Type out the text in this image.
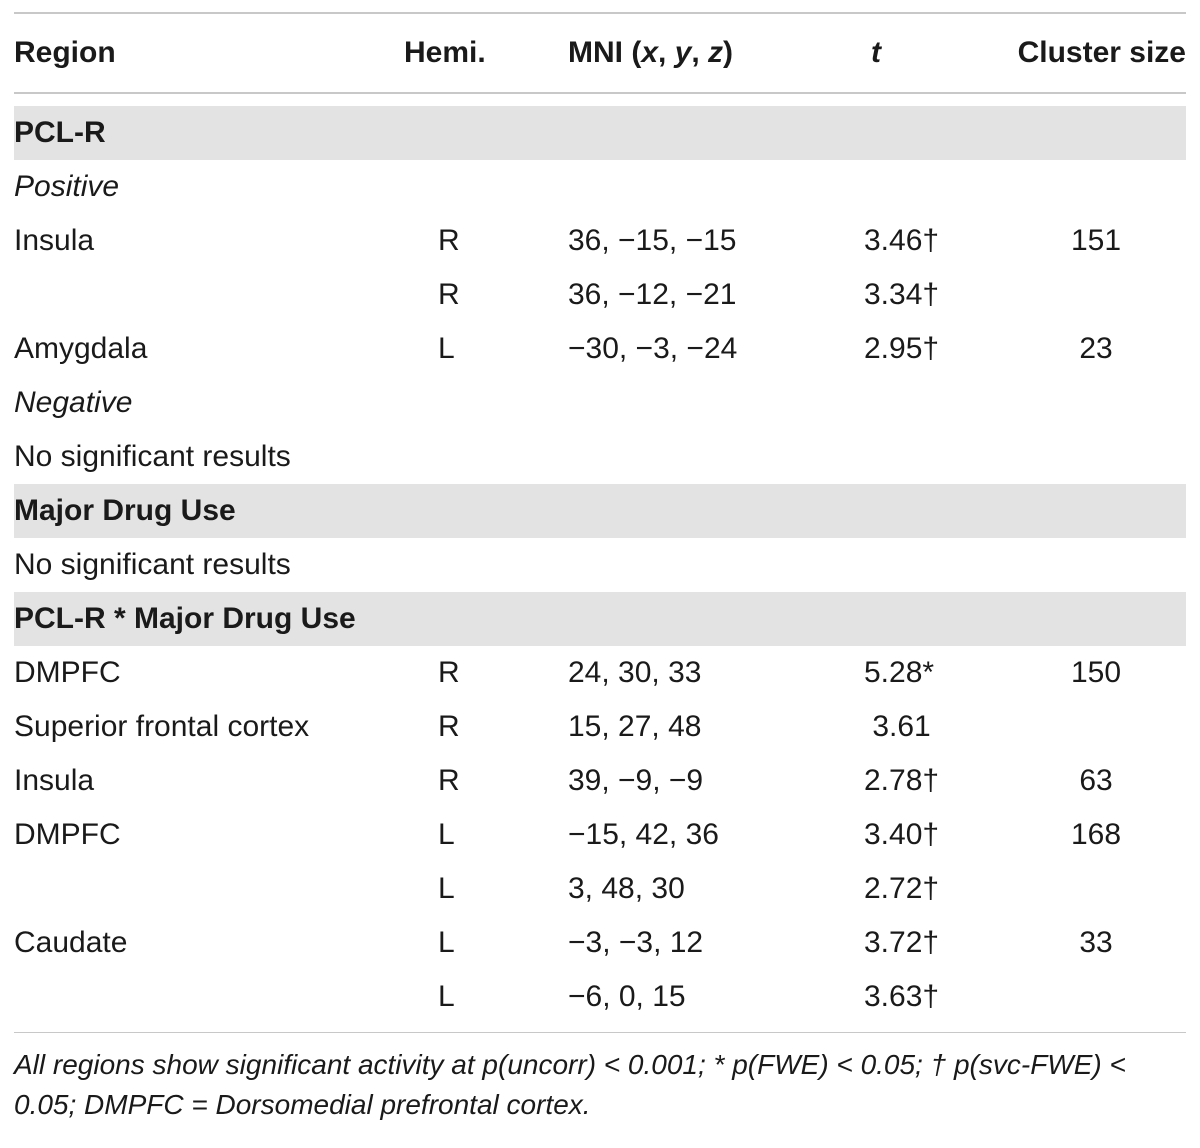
Region	Hemi.	MNI (x, y, z)	t	Cluster size

PCL-R				
Positive				
Insula	R	36, −15, −15	3.46†	151
	R	36, −12, −21	3.34†	
Amygdala	L	−30, −3, −24	2.95†	23
Negative				
No significant results				
Major Drug Use				
No significant results				
PCL-R * Major Drug Use				
DMPFC	R	24, 30, 33	5.28*	150
Superior frontal cortex	R	15, 27, 48	3.61	
Insula	R	39, −9, −9	2.78†	63
DMPFC	L	−15, 42, 36	3.40†	168
	L	3, 48, 30	2.72†	
Caudate	L	−3, −3, 12	3.72†	33
	L	−6, 0, 15	3.63†	
All regions show significant activity at p(uncorr) < 0.001; * p(FWE) < 0.05; † p(svc-FWE) < 0.05; DMPFC = Dorsomedial prefrontal cortex.
